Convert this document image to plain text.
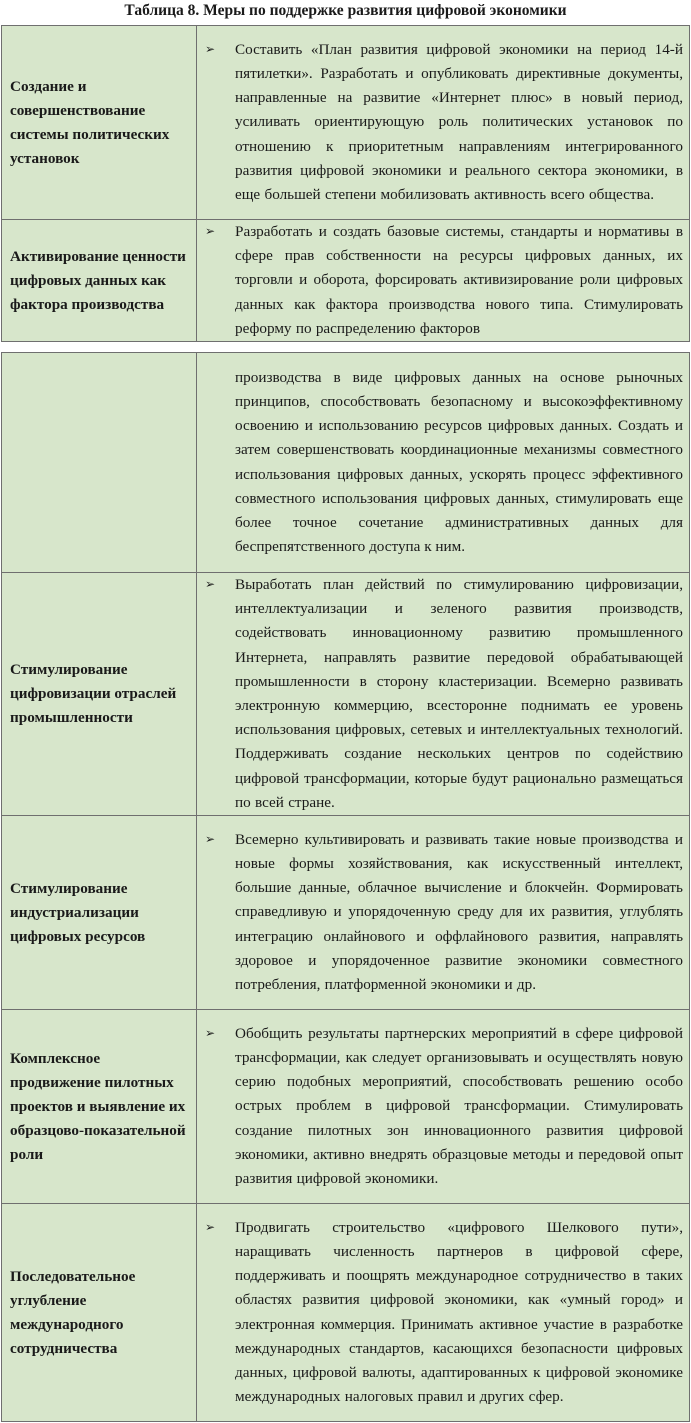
Таблица 8. Меры по поддержке развития цифровой экономики
Создание и совершенствование системы политических установок	➢ Составить «План развития цифровой экономики на период 14-й пятилетки». Разработать и опубликовать директивные документы, направленные на развитие «Интернет плюс» в новый период, усиливать ориентирующую роль политических установок по отношению к приоритетным направлениям интегрированного развития цифровой экономики и реального сектора экономики, в еще большей степени мобилизовать активность всего общества.

Активирование ценности цифровых данных как фактора производства	➢ Разработать и создать базовые системы, стандарты и нормативы в сфере прав собственности на ресурсы цифровых данных, их торговли и оборота, форсировать активизирование роли цифровых данных как фактора производства нового типа. Стимулировать реформу по распределению факторов

	производства в виде цифровых данных на основе рыночных принципов, способствовать безопасному и высокоэффективному освоению и использованию ресурсов цифровых данных. Создать и затем совершенствовать координационные механизмы совместного использования цифровых данных, ускорять процесс эффективного совместного использования цифровых данных, стимулировать еще более точное сочетание административных данных для беспрепятственного доступа к ним.

Стимулирование цифровизации отраслей промышленности	➢ Выработать план действий по стимулированию цифровизации, интеллектуализации и зеленого развития производств, содействовать инновационному развитию промышленного Интернета, направлять развитие передовой обрабатывающей промышленности в сторону кластеризации. Всемерно развивать электронную коммерцию, всесторонне поднимать ее уровень использования цифровых, сетевых и интеллектуальных технологий. Поддерживать создание нескольких центров по содействию цифровой трансформации, которые будут рационально размещаться по всей стране.

Стимулирование индустриализации цифровых ресурсов	➢ Всемерно культивировать и развивать такие новые производства и новые формы хозяйствования, как искусственный интеллект, большие данные, облачное вычисление и блокчейн. Формировать справедливую и упорядоченную среду для их развития, углублять интеграцию онлайнового и оффлайнового развития, направлять здоровое и упорядоченное развитие экономики совместного потребления, платформенной экономики и др.

Комплексное продвижение пилотных проектов и выявление их образцово-показательной роли	➢ Обобщить результаты партнерских мероприятий в сфере цифровой трансформации, как следует организовывать и осуществлять новую серию подобных мероприятий, способствовать решению особо острых проблем в цифровой трансформации. Стимулировать создание пилотных зон инновационного развития цифровой экономики, активно внедрять образцовые методы и передовой опыт развития цифровой экономики.

Последовательное углубление международного сотрудничества	➢ Продвигать строительство «цифрового Шелкового пути», наращивать численность партнеров в цифровой сфере, поддерживать и поощрять международное сотрудничество в таких областях развития цифровой экономики, как «умный город» и электронная коммерция. Принимать активное участие в разработке международных стандартов, касающихся безопасности цифровых данных, цифровой валюты, адаптированных к цифровой экономике международных налоговых правил и других сфер.
